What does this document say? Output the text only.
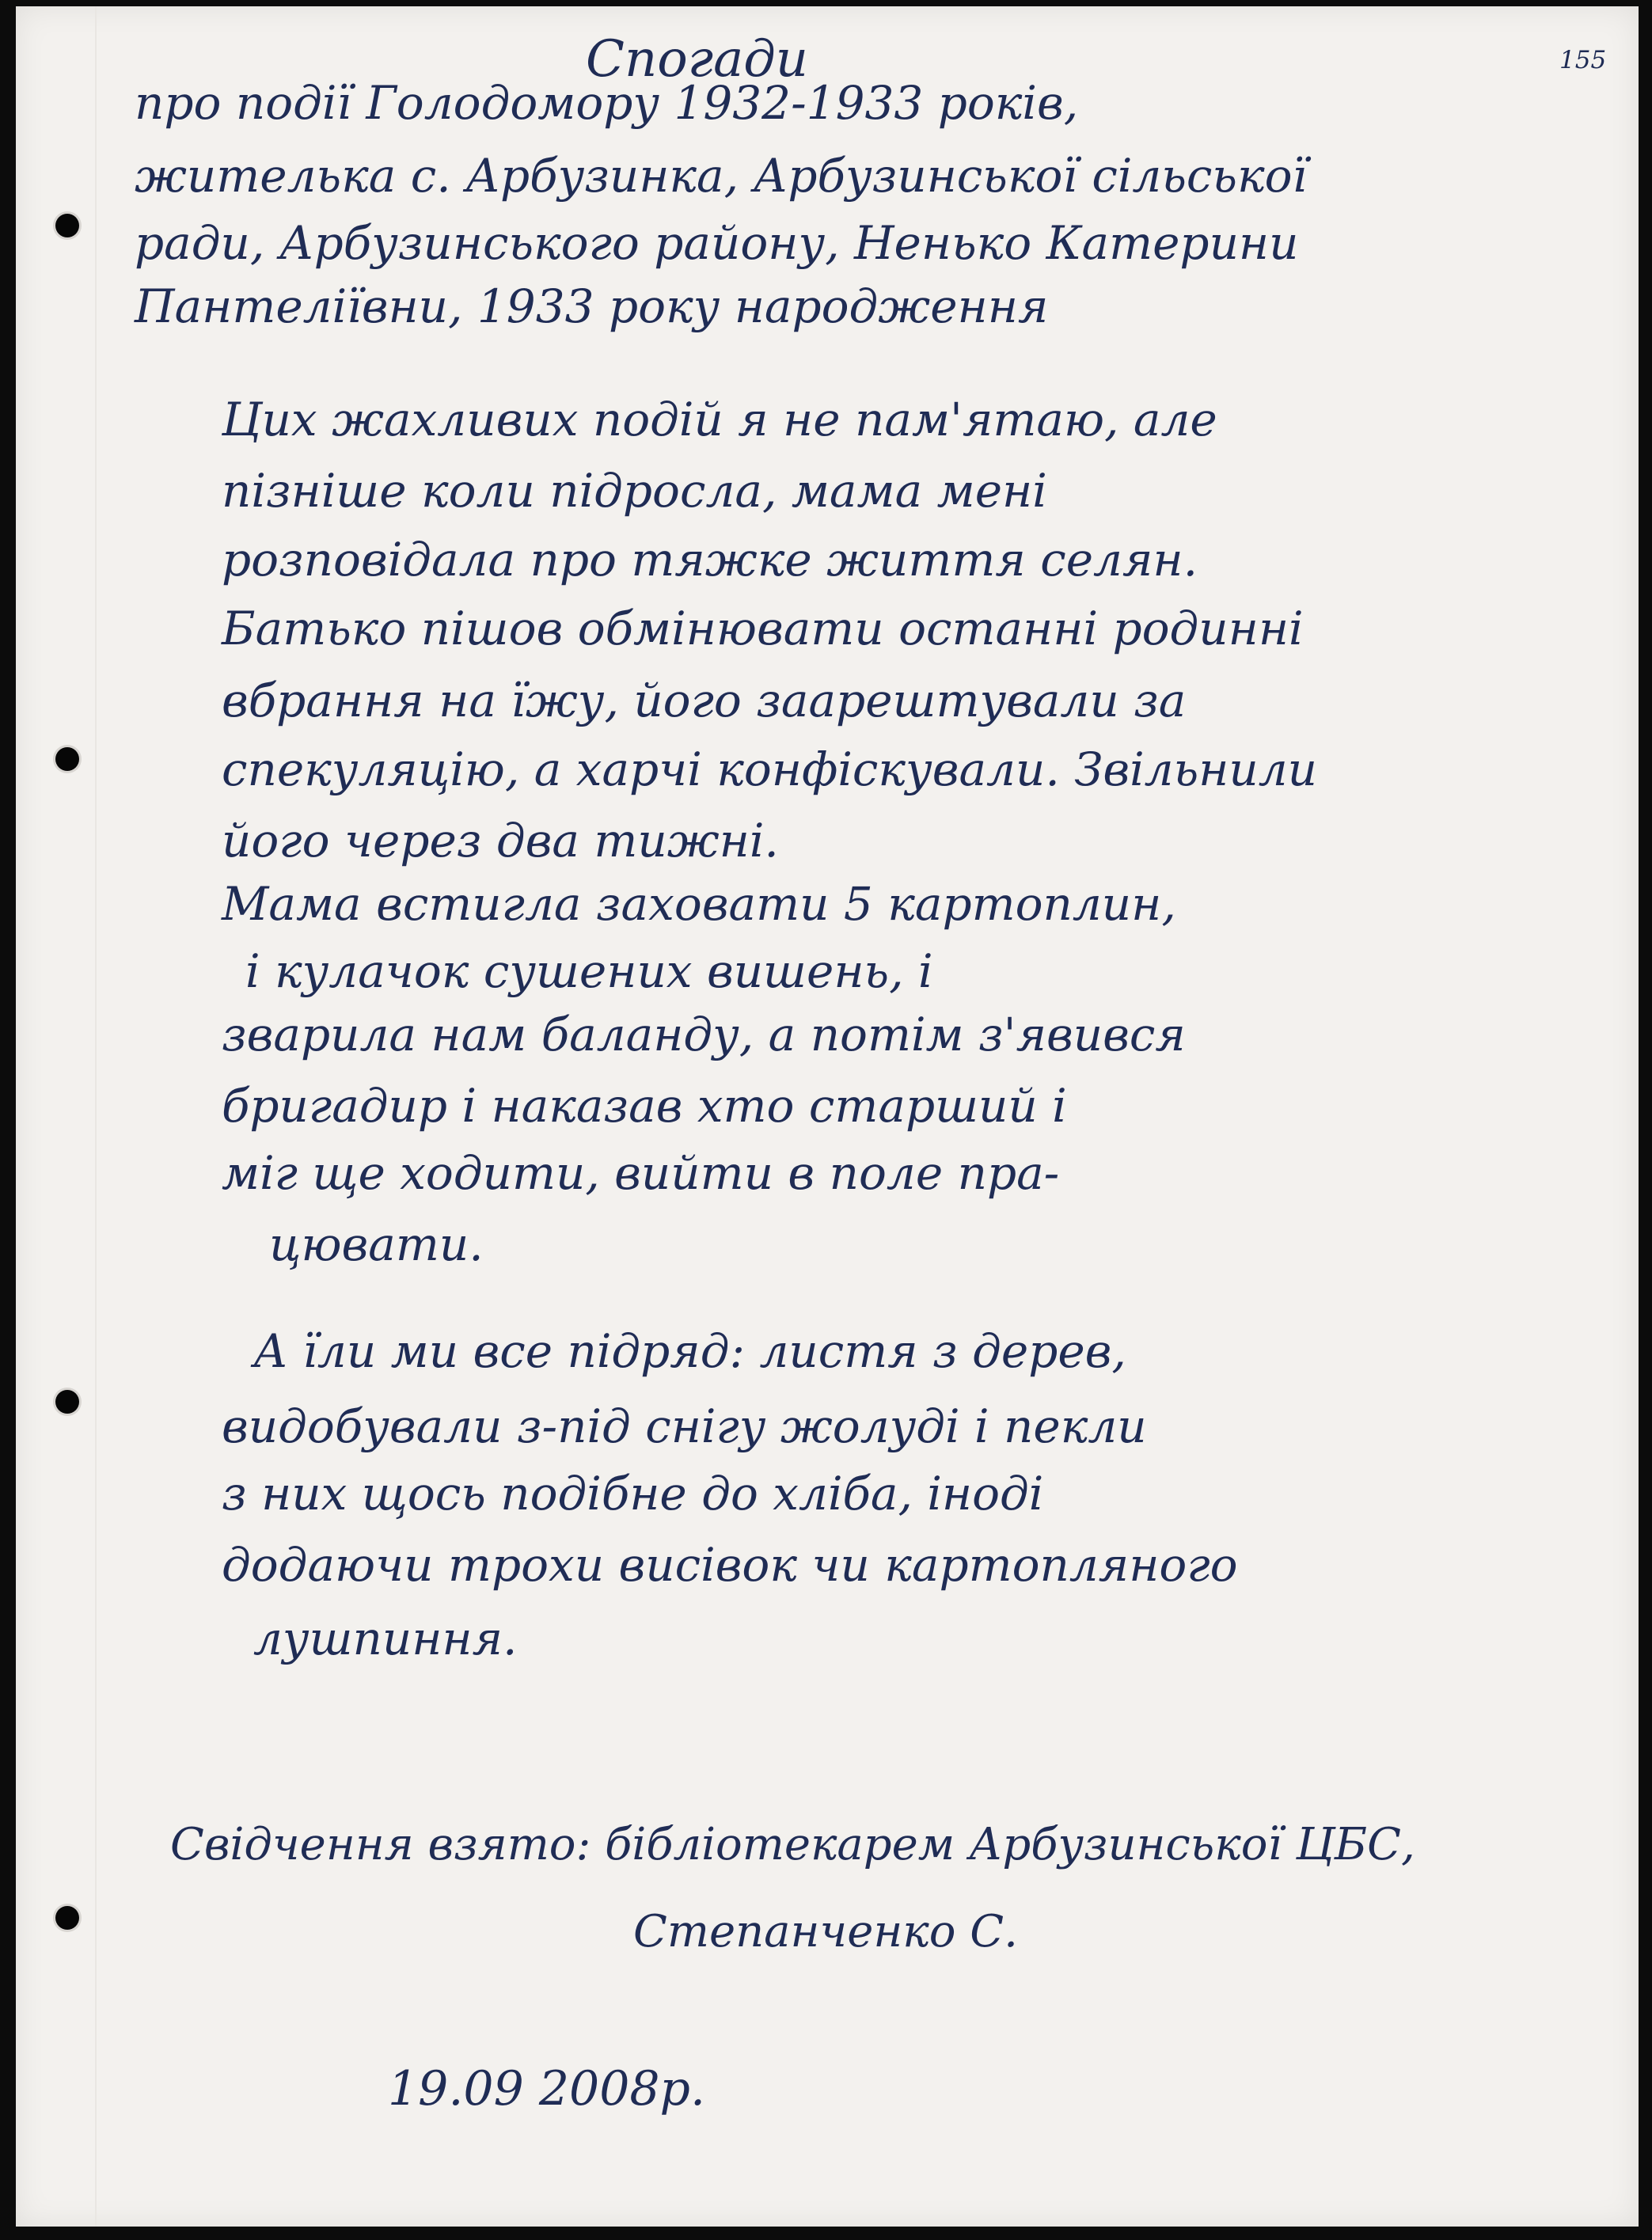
Спогади	155

про події Голодомору 1932-1933 років,

жителька с. Арбузинка, Арбузинської сільської

ради, Арбузинського району, Ненько Катерини

Пантеліївни, 1933 року народження

Цих жахливих подій я не пам'ятаю, але

пізніше коли підросла, мама мені

розповідала про тяжке життя селян.

Батько пішов обмінювати останні родинні

вбрання на їжу, його заарештували за

спекуляцію, а харчі конфіскували. Звільнили

його через два тижні.

Мама встигла заховати 5 картоплин,

і кулачок сушених вишень, і

зварила нам баланду, а потім з'явився

бригадир і наказав хто старший і

міг ще ходити, вийти в поле пра-

цювати.

А їли ми все підряд: листя з дерев,

видобували з-під снігу жолуді і пекли

з них щось подібне до хліба, іноді

додаючи трохи висівок чи картопляного

лушпиння.

Свідчення взято: бібліотекарем Арбузинської ЦБС,

Степанченко С.

19.09 2008р.
